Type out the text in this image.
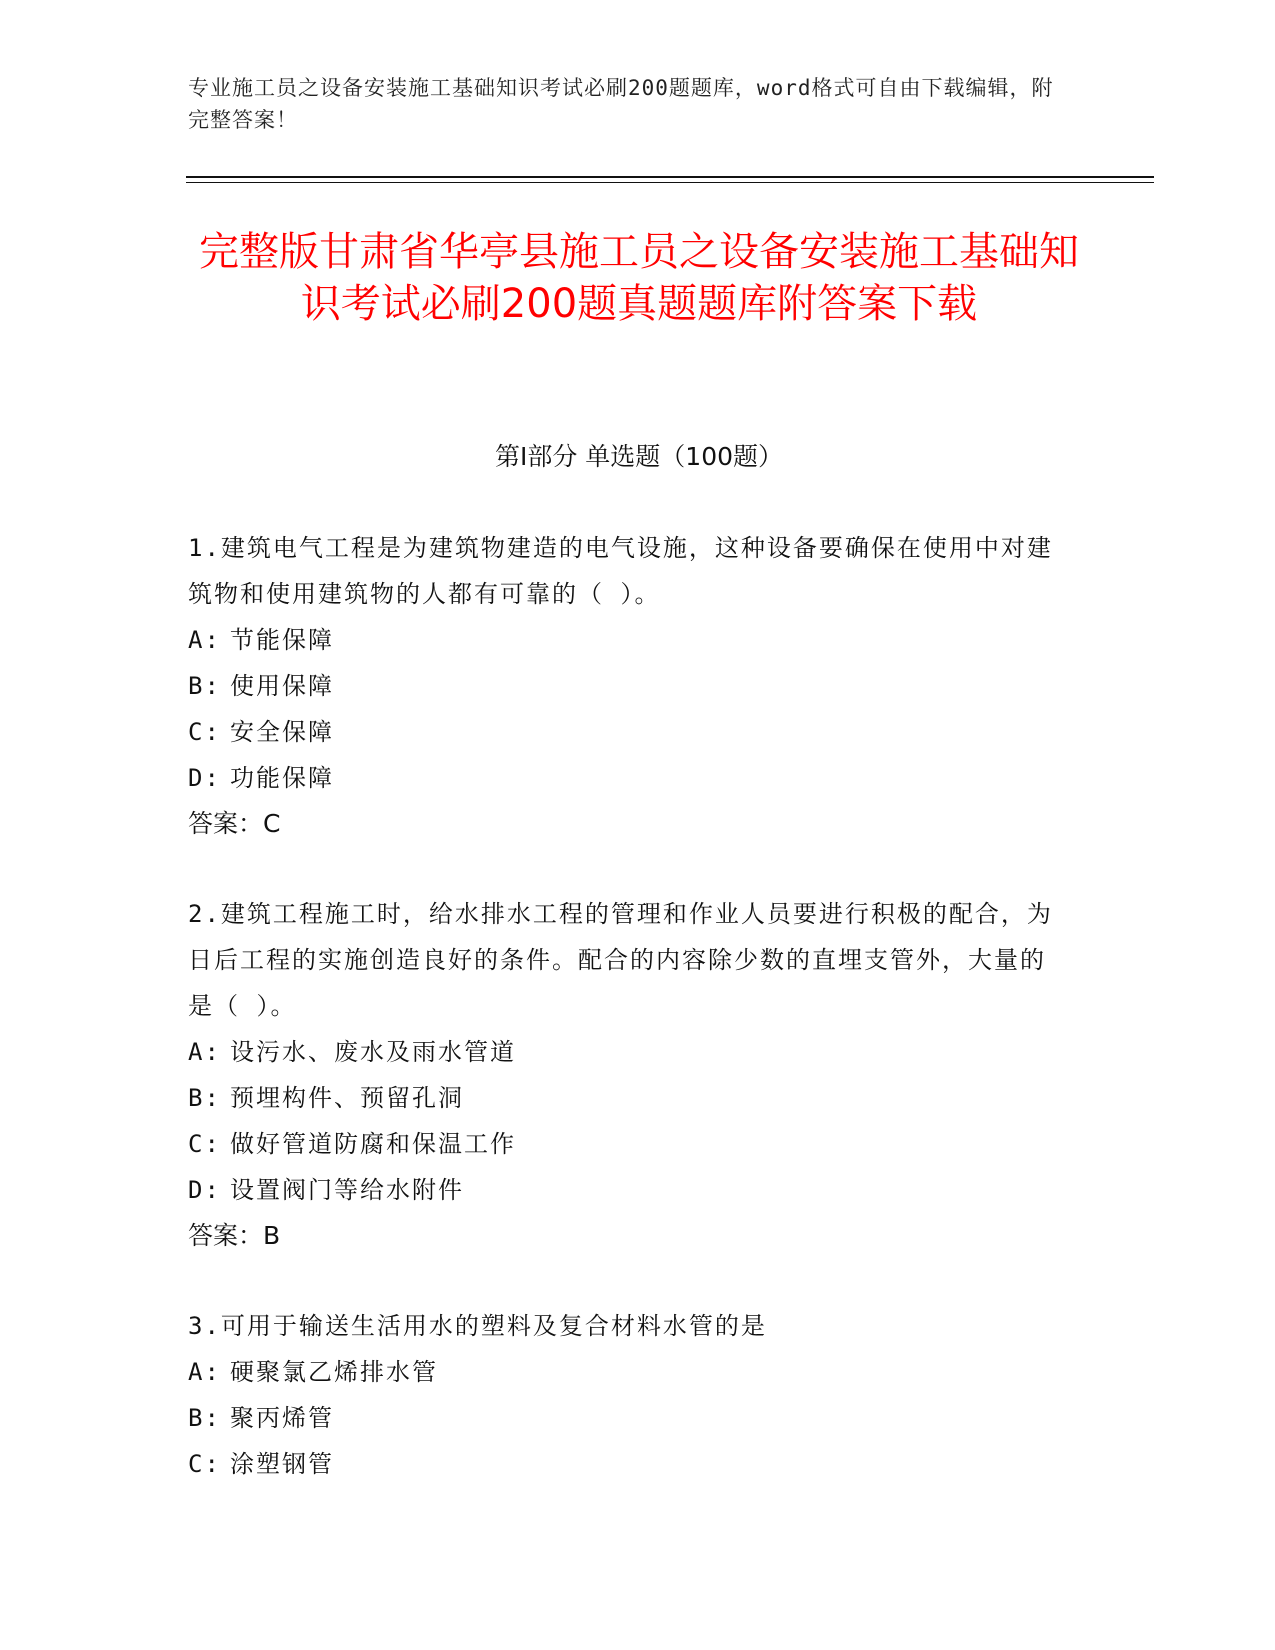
专业施工员之设备安装施工基础知识考试必刷200题题库，word格式可自由下载编辑，附完整答案！
完整版甘肃省华亭县施工员之设备安装施工基础知识考试必刷200题真题题库附答案下载
第Ⅰ部分 单选题（100题）
1.建筑电气工程是为建筑物建造的电气设施，这种设备要确保在使用中对建筑物和使用建筑物的人都有可靠的（ ）。
A: 节能保障
B: 使用保障
C: 安全保障
D: 功能保障
答案：C
2.建筑工程施工时，给水排水工程的管理和作业人员要进行积极的配合，为日后工程的实施创造良好的条件。配合的内容除少数的直埋支管外，大量的是（ ）。
A: 设污水、废水及雨水管道
B: 预埋构件、预留孔洞
C: 做好管道防腐和保温工作
D: 设置阀门等给水附件
答案：B
3.可用于输送生活用水的塑料及复合材料水管的是
A: 硬聚氯乙烯排水管
B: 聚丙烯管
C: 涂塑钢管
